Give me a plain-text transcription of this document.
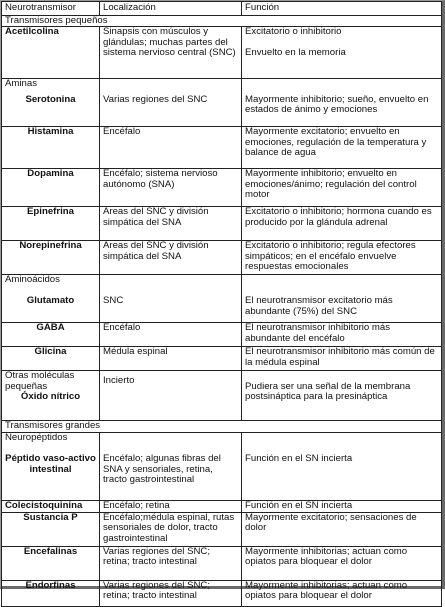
Neurotransmisor	Localización	Función
Transmisores pequeños		
Acetilcolina	Sinapsis con músculos y glándulas; muchas partes del sistema nervioso central (SNC)	Excitatorio o inhibitorio
Envuelto en la memoria

Aminas
Serotonina	Varias regiones del SNC	Mayormente inhibitorio; sueño, envuelto en estados de ánimo y emociones
Histamina	Encéfalo	Mayormente excitatorio; envuelto en emociones, regulación de la temperatura y balance de agua
Dopamina	Encéfalo; sistema nervioso autónomo (SNA)	Mayormente inhibitorio; envuelto en emociones/ánimo; regulación del control motor
Epinefrina	Areas del SNC y división simpática del SNA	Excitatorio o inhibitorio; hormona cuando es producido por la glándula adrenal
Norepinefrina	Areas del SNC y división simpática del SNA	Excitatorio o inhibitorio; regula efectores simpáticos; en el encéfalo envuelve respuestas emocionales

Aminoácidos
Glutamato	SNC	El neurotransmisor excitatorio más abundante (75%) del SNC
GABA	Encéfalo	El neurotransmisor inhibitorio más abundante del encéfalo
Glicina	Médula espinal	El neurotransmisor inhibitorio más común de la médula espinal

Otras moléculas pequeñas
Óxido nítrico	Incierto	Pudiera ser una señal de la membrana postsináptica para la presináptica
Transmisores grandes		

Neuropéptidos
Péptido vaso-activo intestinal	Encéfalo; algunas fibras del SNA y sensoriales, retina, tracto gastrointestinal	Función en el SN incierta
Colecistoquinina	Encéfalo; retina	Función en el SN incierta
Sustancia P	Encéfalo;médula espinal, rutas sensoriales de dolor, tracto gastrointestinal	Mayormente excitatorio; sensaciones de dolor
Encefalinas	Varias regiones del SNC; retina; tracto intestinal	Mayormente inhibitorias; actuan como opiatos para bloquear el dolor
Endorfinas	Varias regiones del SNC; retina; tracto intestinal	Mayormente inhibitorias; actuan como opiatos para bloquear el dolor
